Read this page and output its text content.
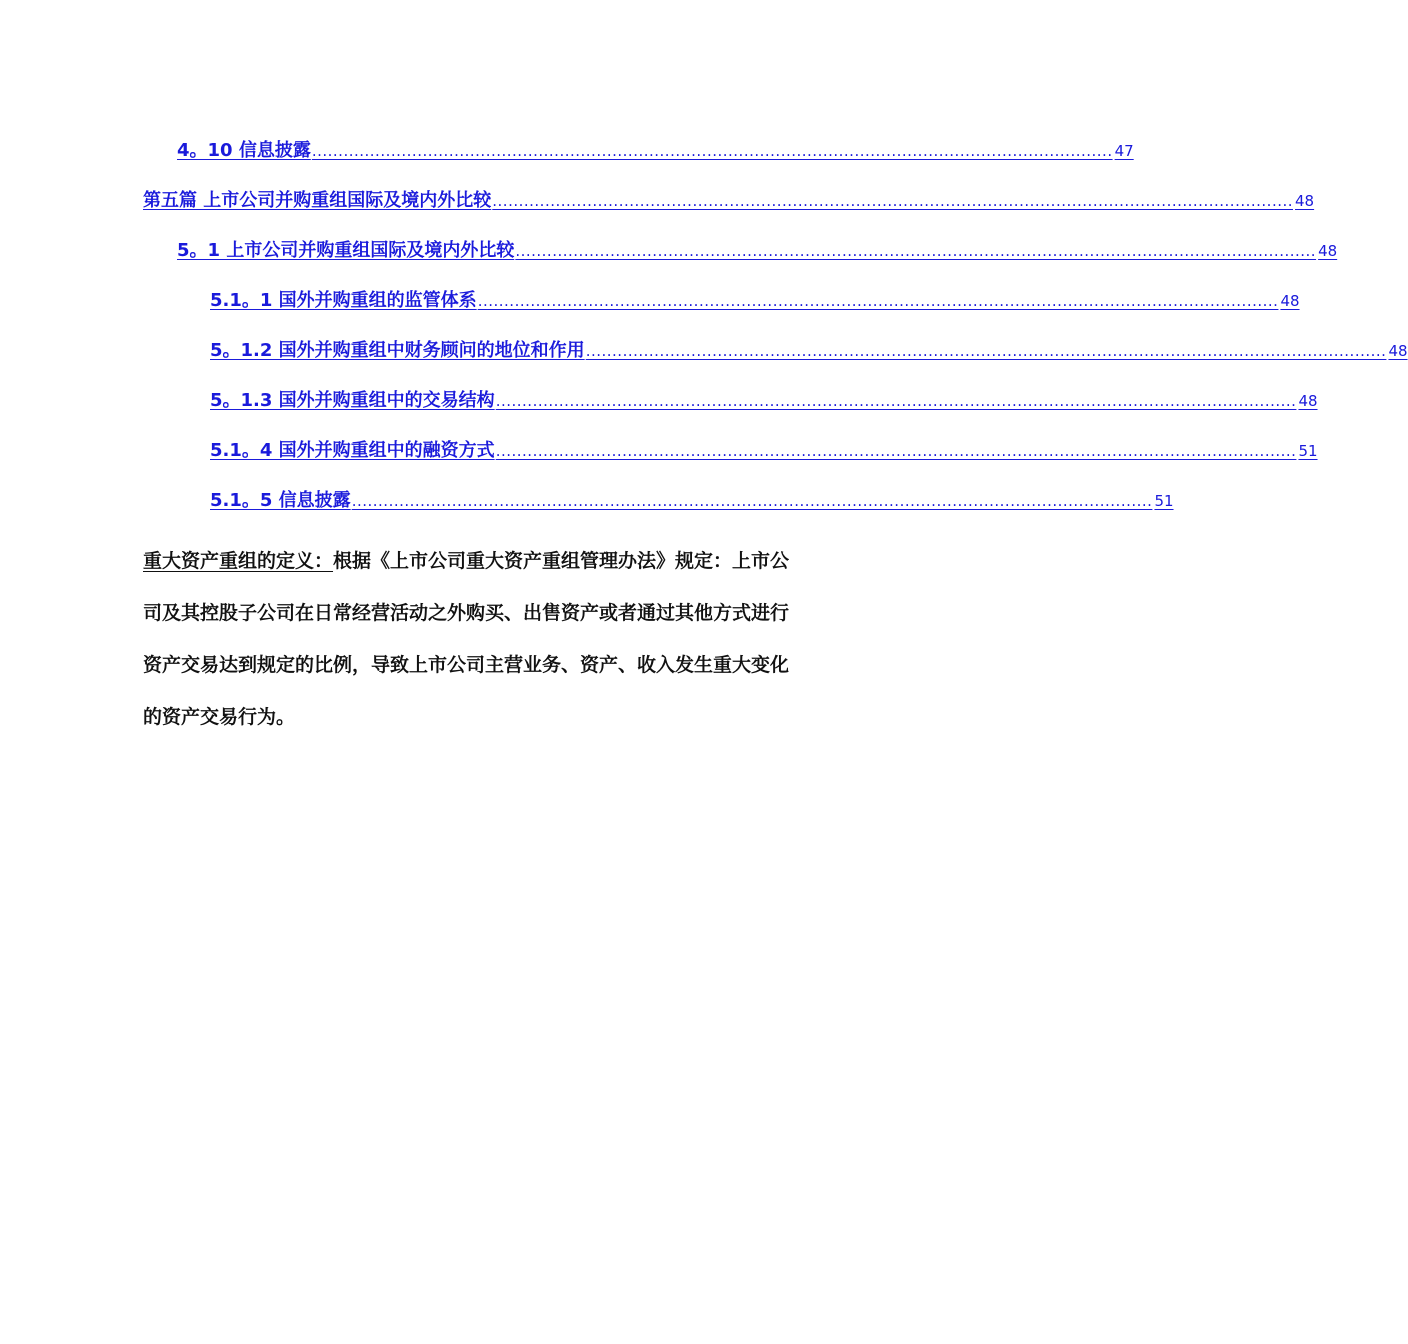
4。10 信息披露 ........................................................................................................................................................ 47
第五篇 上市公司并购重组国际及境内外比较 ........................................................................................................................................................ 48
5。1 上市公司并购重组国际及境内外比较 ........................................................................................................................................................ 48
5.1。1 国外并购重组的监管体系 ........................................................................................................................................................ 48
5。1.2 国外并购重组中财务顾问的地位和作用 ........................................................................................................................................................ 48
5。1.3 国外并购重组中的交易结构 ........................................................................................................................................................ 48
5.1。4 国外并购重组中的融资方式 ........................................................................................................................................................ 51
5.1。5 信息披露 ........................................................................................................................................................ 51

重大资产重组的定义：根据《上市公司重大资产重组管理办法》规定：上市公司及其控股子公司在日常经营活动之外购买、出售资产或者通过其他方式进行资产交易达到规定的比例，导致上市公司主营业务、资产、收入发生重大变化的资产交易行为。
